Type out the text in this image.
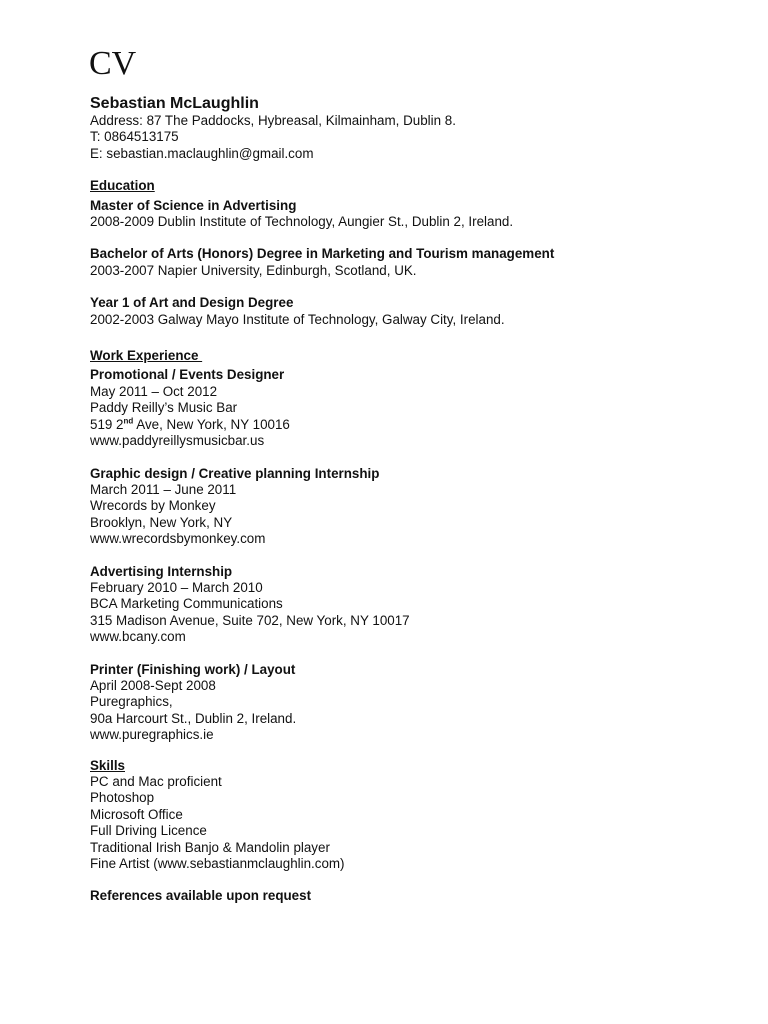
CV
Sebastian McLaughlin
Address: 87 The Paddocks, Hybreasal, Kilmainham, Dublin 8.
T: 0864513175
E: sebastian.maclaughlin@gmail.com
Education
Master of Science in Advertising
2008-2009 Dublin Institute of Technology, Aungier St., Dublin 2, Ireland.
Bachelor of Arts (Honors) Degree in Marketing and Tourism management
2003-2007 Napier University, Edinburgh, Scotland, UK.
Year 1 of Art and Design Degree
2002-2003 Galway Mayo Institute of Technology, Galway City, Ireland.
Work Experience
Promotional / Events Designer
May 2011 – Oct 2012
Paddy Reilly’s Music Bar
519 2nd Ave, New York, NY 10016
www.paddyreillysmusicbar.us
Graphic design / Creative planning Internship
March 2011 – June 2011
Wrecords by Monkey
Brooklyn, New York, NY
www.wrecordsbymonkey.com
Advertising Internship
February 2010 – March 2010
BCA Marketing Communications
315 Madison Avenue, Suite 702, New York, NY 10017
www.bcany.com
Printer (Finishing work) / Layout
April 2008-Sept 2008
Puregraphics,
90a Harcourt St., Dublin 2, Ireland.
www.puregraphics.ie
Skills
PC and Mac proficient
Photoshop
Microsoft Office
Full Driving Licence
Traditional Irish Banjo & Mandolin player
Fine Artist (www.sebastianmclaughlin.com)
References available upon request
